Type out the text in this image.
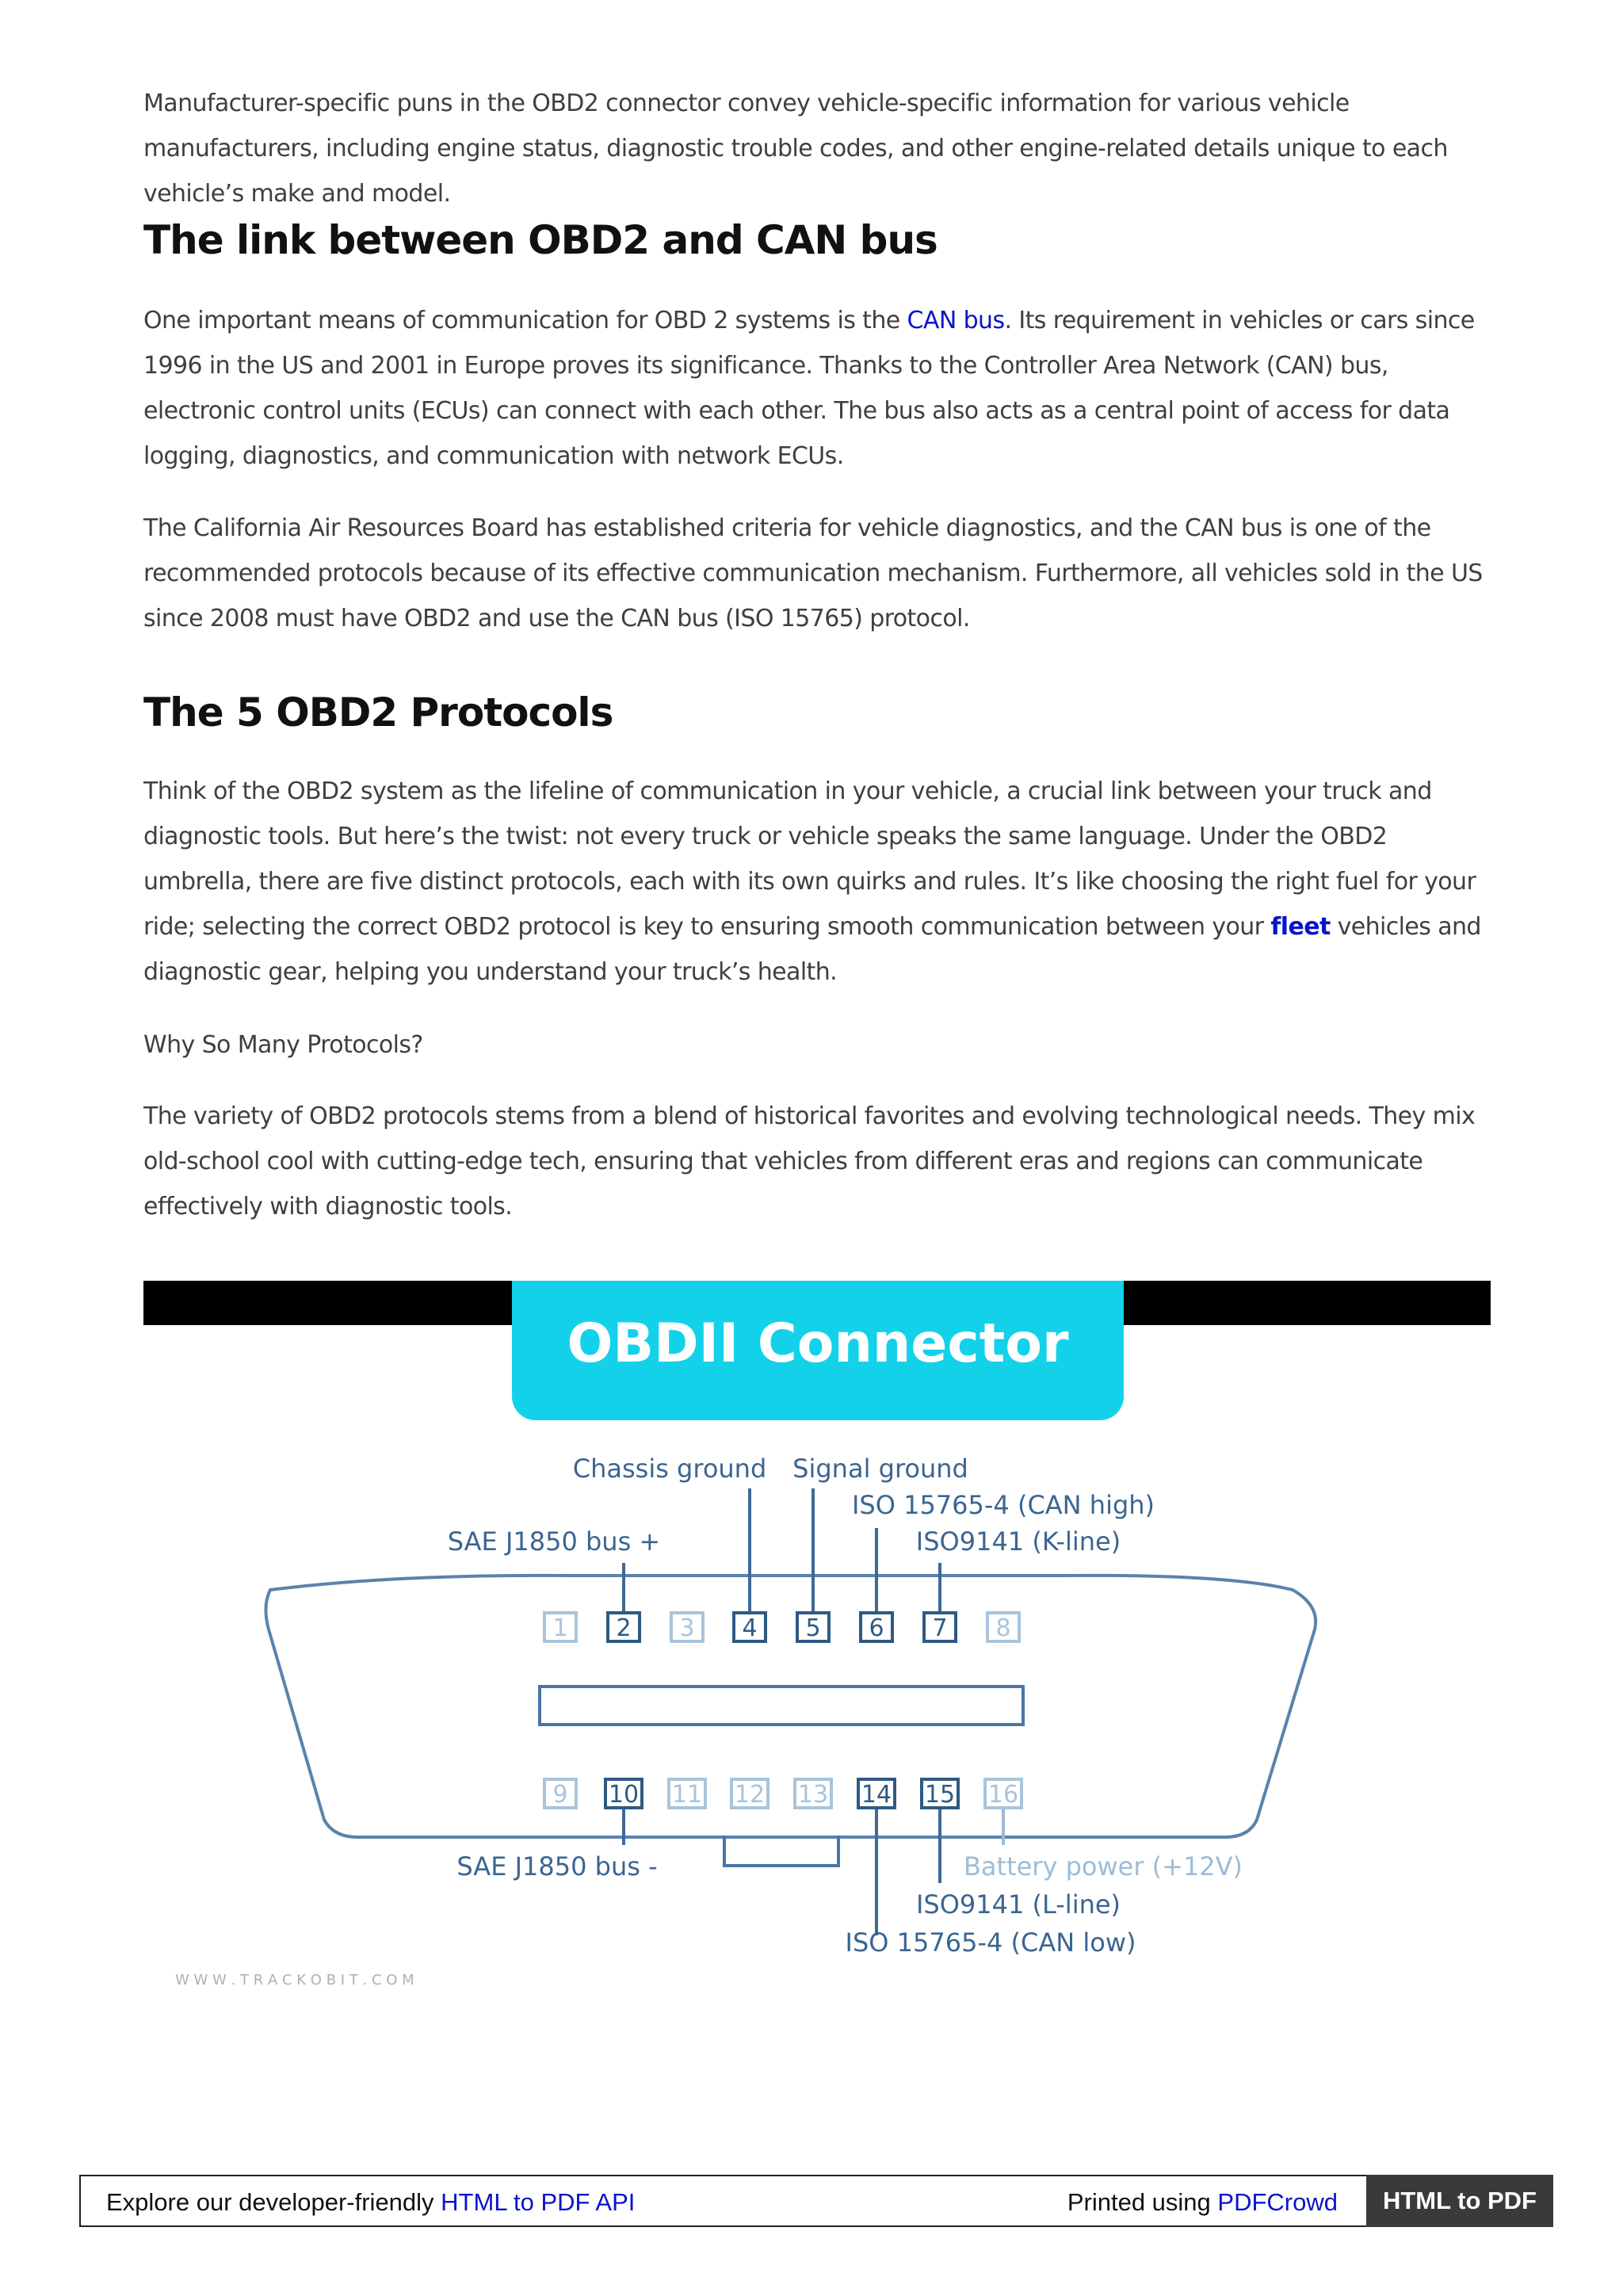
Manufacturer-specific puns in the OBD2 connector convey vehicle-specific information for various vehicle manufacturers, including engine status, diagnostic trouble codes, and other engine-related details unique to each vehicle’s make and model.

The link between OBD2 and CAN bus

One important means of communication for OBD 2 systems is the CAN bus. Its requirement in vehicles or cars since 1996 in the US and 2001 in Europe proves its significance. Thanks to the Controller Area Network (CAN) bus, electronic control units (ECUs) can connect with each other. The bus also acts as a central point of access for data logging, diagnostics, and communication with network ECUs.

The California Air Resources Board has established criteria for vehicle diagnostics, and the CAN bus is one of the recommended protocols because of its effective communication mechanism. Furthermore, all vehicles sold in the US since 2008 must have OBD2 and use the CAN bus (ISO 15765) protocol.

The 5 OBD2 Protocols

Think of the OBD2 system as the lifeline of communication in your vehicle, a crucial link between your truck and diagnostic tools. But here’s the twist: not every truck or vehicle speaks the same language. Under the OBD2 umbrella, there are five distinct protocols, each with its own quirks and rules. It’s like choosing the right fuel for your ride; selecting the correct OBD2 protocol is key to ensuring smooth communication between your fleet vehicles and diagnostic gear, helping you understand your truck’s health.

Why So Many Protocols?

The variety of OBD2 protocols stems from a blend of historical favorites and evolving technological needs. They mix old-school cool with cutting-edge tech, ensuring that vehicles from different eras and regions can communicate effectively with diagnostic tools.

OBDII Connector
1 2 3 4 5 6 7 8
9 10 11 12 13 14 15 16
Chassis ground Signal ground
ISO 15765-4 (CAN high)
ISO9141 (K-line)
SAE J1850 bus +
SAE J1850 bus -	Battery power (+12V)
ISO9141 (L-line)
ISO 15765-4 (CAN low)
W W W . T R A C K O B I T . C O M
Explore our developer-friendly HTML to PDF API	Printed using PDFCrowd	HTML to PDF
